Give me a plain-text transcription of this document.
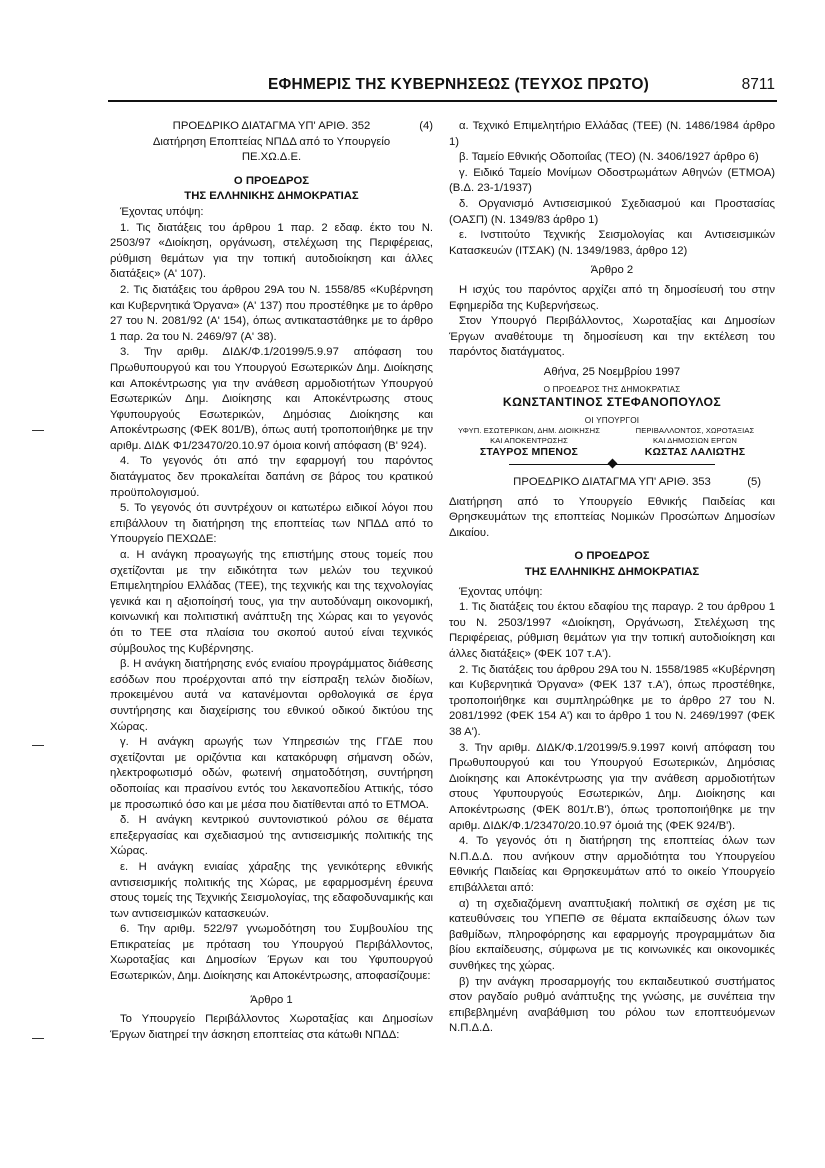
ΕΦΗΜΕΡΙΣ ΤΗΣ ΚΥΒΕΡΝΗΣΕΩΣ (ΤΕΥΧΟΣ ΠΡΩΤΟ)	8711
ΠΡΟΕΔΡΙΚΟ ΔΙΑΤΑΓΜΑ ΥΠ' ΑΡΙΘ. 352	(4)

Διατήρηση Εποπτείας ΝΠΔΔ από το Υπουργείο

ΠΕ.ΧΩ.Δ.Ε.

Ο ΠΡΟΕΔΡΟΣ

ΤΗΣ ΕΛΛΗΝΙΚΗΣ ΔΗΜΟΚΡΑΤΙΑΣ

Έχοντας υπόψη:

1. Τις διατάξεις του άρθρου 1 παρ. 2 εδαφ. έκτο του Ν. 2503/97 «Διοίκηση, οργάνωση, στελέχωση της Περιφέρειας, ρύθμιση θεμάτων για την τοπική αυτοδιοίκηση και άλλες διατάξεις» (Α' 107).

2. Τις διατάξεις του άρθρου 29Α του Ν. 1558/85 «Κυβέρνηση και Κυβερνητικά Όργανα» (Α' 137) που προστέθηκε με το άρθρο 27 του Ν. 2081/92 (Α' 154), όπως αντικαταστάθηκε με το άρθρο 1 παρ. 2α του Ν. 2469/97 (Α' 38).

3. Την αριθμ. ΔΙΔΚ/Φ.1/20199/5.9.97 απόφαση του Πρωθυπουργού και του Υπουργού Εσωτερικών Δημ. Διοίκησης και Αποκέντρωσης για την ανάθεση αρμοδιοτήτων Υπουργού Εσωτερικών Δημ. Διοίκησης και Αποκέντρωσης στους Υφυπουργούς Εσωτερικών, Δημόσιας Διοίκησης και Αποκέντρωσης (ΦΕΚ 801/Β), όπως αυτή τροποποιήθηκε με την αριθμ. ΔΙΔΚ Φ1/23470/20.10.97 όμοια κοινή απόφαση (Β' 924).

4. Το γεγονός ότι από την εφαρμογή του παρόντος διατάγματος δεν προκαλείται δαπάνη σε βάρος του κρατικού προϋπολογισμού.

5. Το γεγονός ότι συντρέχουν οι κατωτέρω ειδικοί λόγοι που επιβάλλουν τη διατήρηση της εποπτείας των ΝΠΔΔ από το Υπουργείο ΠΕΧΩΔΕ:

α. Η ανάγκη προαγωγής της επιστήμης στους τομείς που σχετίζονται με την ειδικότητα των μελών του τεχνικού Επιμελητηρίου Ελλάδας (ΤΕΕ), της τεχνικής και της τεχνολογίας γενικά και η αξιοποίησή τους, για την αυτοδύναμη οικονομική, κοινωνική και πολιτιστική ανάπτυξη της Χώρας και το γεγονός ότι το ΤΕΕ στα πλαίσια του σκοπού αυτού είναι τεχνικός σύμβουλος της Κυβέρνησης.

β. Η ανάγκη διατήρησης ενός ενιαίου προγράμματος διάθεσης εσόδων που προέρχονται από την είσπραξη τελών διοδίων, προκειμένου αυτά να κατανέμονται ορθολογικά σε έργα συντήρησης και διαχείρισης του εθνικού οδικού δικτύου της Χώρας.

γ. Η ανάγκη αρωγής των Υπηρεσιών της ΓΓΔΕ που σχετίζονται με οριζόντια και κατακόρυφη σήμανση οδών, ηλεκτροφωτισμό οδών, φωτεινή σηματοδότηση, συντήρηση οδοποιίας και πρασίνου εντός του λεκανοπεδίου Αττικής, τόσο με προσωπικό όσο και με μέσα που διατίθενται από το ΕΤΜΟΑ.

δ. Η ανάγκη κεντρικού συντονιστικού ρόλου σε θέματα επεξεργασίας και σχεδιασμού της αντισεισμικής πολιτικής της Χώρας.

ε. Η ανάγκη ενιαίας χάραξης της γενικότερης εθνικής αντισεισμικής πολιτικής της Χώρας, με εφαρμοσμένη έρευνα στους τομείς της Τεχνικής Σεισμολογίας, της εδαφοδυναμικής και των αντισεισμικών κατασκευών.

6. Την αριθμ. 522/97 γνωμοδότηση του Συμβουλίου της Επικρατείας με πρόταση του Υπουργού Περιβάλλοντος, Χωροταξίας και Δημοσίων Έργων και του Υφυπουργού Εσωτερικών, Δημ. Διοίκησης και Αποκέντρωσης, αποφασίζουμε:

Άρθρο 1

Το Υπουργείο Περιβάλλοντος Χωροταξίας και Δημοσίων Έργων διατηρεί την άσκηση εποπτείας στα κάτωθι ΝΠΔΔ:

α. Τεχνικό Επιμελητήριο Ελλάδας (ΤΕΕ) (Ν. 1486/1984 άρθρο 1)

β. Ταμείο Εθνικής Οδοποιΐας (ΤΕΟ) (Ν. 3406/1927 άρθρο 6)

γ. Ειδικό Ταμείο Μονίμων Οδοστρωμάτων Αθηνών (ΕΤΜΟΑ) (Β.Δ. 23-1/1937)

δ. Οργανισμό Αντισεισμικού Σχεδιασμού και Προστασίας (ΟΑΣΠ) (Ν. 1349/83 άρθρο 1)

ε. Ινστιτούτο Τεχνικής Σεισμολογίας και Αντισεισμικών Κατασκευών (ΙΤΣΑΚ) (Ν. 1349/1983, άρθρο 12)

Άρθρο 2

Η ισχύς του παρόντος αρχίζει από τη δημοσίευσή του στην Εφημερίδα της Κυβερνήσεως.

Στον Υπουργό Περιβάλλοντος, Χωροταξίας και Δημοσίων Έργων αναθέτουμε τη δημοσίευση και την εκτέλεση του παρόντος διατάγματος.

Αθήνα, 25 Νοεμβρίου 1997

Ο ΠΡΟΕΔΡΟΣ ΤΗΣ ΔΗΜΟΚΡΑΤΙΑΣ

ΚΩΝΣΤΑΝΤΙΝΟΣ ΣΤΕΦΑΝΟΠΟΥΛΟΣ

ΟΙ ΥΠΟΥΡΓΟΙ

ΥΦΥΠ. ΕΣΩΤΕΡΙΚΩΝ, ΔΗΜ. ΔΙΟΙΚΗΣΗΣ
ΚΑΙ ΑΠΟΚΕΝΤΡΩΣΗΣ
ΣΤΑΥΡΟΣ ΜΠΕΝΟΣ
ΠΕΡΙΒΑΛΛΟΝΤΟΣ, ΧΩΡΟΤΑΞΙΑΣ
ΚΑΙ ΔΗΜΟΣΙΩΝ ΕΡΓΩΝ
ΚΩΣΤΑΣ ΛΑΛΙΩΤΗΣ
ΠΡΟΕΔΡΙΚΟ ΔΙΑΤΑΓΜΑ ΥΠ' ΑΡΙΘ. 353	(5)

Διατήρηση από το Υπουργείο Εθνικής Παιδείας και Θρησκευμάτων της εποπτείας Νομικών Προσώπων Δημοσίων Δικαίου.

Ο ΠΡΟΕΔΡΟΣ

ΤΗΣ ΕΛΛΗΝΙΚΗΣ ΔΗΜΟΚΡΑΤΙΑΣ

Έχοντας υπόψη:

1. Τις διατάξεις του έκτου εδαφίου της παραγρ. 2 του άρθρου 1 του Ν. 2503/1997 «Διοίκηση, Οργάνωση, Στελέχωση της Περιφέρειας, ρύθμιση θεμάτων για την τοπική αυτοδιοίκηση και άλλες διατάξεις» (ΦΕΚ 107 τ.Α').

2. Τις διατάξεις του άρθρου 29Α του Ν. 1558/1985 «Κυβέρνηση και Κυβερνητικά Όργανα» (ΦΕΚ 137 τ.Α'), όπως προστέθηκε, τροποποιήθηκε και συμπληρώθηκε με το άρθρο 27 του Ν. 2081/1992 (ΦΕΚ 154 Α') και το άρθρο 1 του Ν. 2469/1997 (ΦΕΚ 38 Α').

3. Την αριθμ. ΔΙΔΚ/Φ.1/20199/5.9.1997 κοινή απόφαση του Πρωθυπουργού και του Υπουργού Εσωτερικών, Δημόσιας Διοίκησης και Αποκέντρωσης για την ανάθεση αρμοδιοτήτων στους Υφυπουργούς Εσωτερικών, Δημ. Διοίκησης και Αποκέντρωσης (ΦΕΚ 801/τ.Β'), όπως τροποποιήθηκε με την αριθμ. ΔΙΔΚ/Φ.1/23470/20.10.97 όμοιά της (ΦΕΚ 924/Β').

4. Το γεγονός ότι η διατήρηση της εποπτείας όλων των Ν.Π.Δ.Δ. που ανήκουν στην αρμοδιότητα του Υπουργείου Εθνικής Παιδείας και Θρησκευμάτων από το οικείο Υπουργείο επιβάλλεται από:

α) τη σχεδιαζόμενη αναπτυξιακή πολιτική σε σχέση με τις κατευθύνσεις του ΥΠΕΠΘ σε θέματα εκπαίδευσης όλων των βαθμίδων, πληροφόρησης και εφαρμογής προγραμμάτων δια βίου εκπαίδευσης, σύμφωνα με τις κοινωνικές και οικονομικές συνθήκες της χώρας.

β) την ανάγκη προσαρμογής του εκπαιδευτικού συστήματος στον ραγδαίο ρυθμό ανάπτυξης της γνώσης, με συνέπεια την επιβεβλημένη αναβάθμιση του ρόλου των εποπτευόμενων Ν.Π.Δ.Δ.
